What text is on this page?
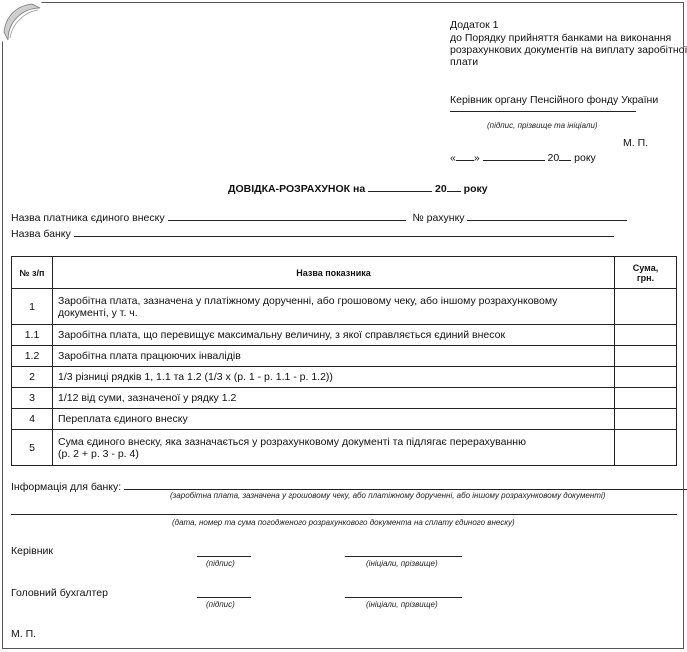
Додаток 1
до Порядку прийняття банками на виконання
розрахункових документів на виплату заробітної
плати
Керівник органу Пенсійного фонду України
(підпис, прізвище та ініціали)
М. П.
« »	20 року
ДОВІДКА-РОЗРАХУНОК на	20 року
Назва платника єдиного внеску	№ рахунку
Назва банку
№ з/п	Назва показника	Сума,
грн.
1	Заробітна плата, зазначена у платіжному дорученні, або грошовому чеку, або іншому розрахунковому
документі, у т. ч.	
1.1	Заробітна плата, що перевищує максимальну величину, з якої справляється єдиний внесок	
1.2	Заробітна плата працюючих інвалідів	
2	1/3 різниці рядків 1, 1.1 та 1.2 (1/3 х (р. 1 - р. 1.1 - р. 1.2))	
3	1/12 від суми, зазначеної у рядку 1.2	
4	Переплата єдиного внеску	
5	Сума єдиного внеску, яка зазначається у розрахунковому документі та підлягає перерахуванню
(р. 2 + р. 3 - р. 4)	
Інформація для банку:
(заробітна плата, зазначена у грошовому чеку, або платіжному дорученні, або іншому розрахунковому документі)
(дата, номер та сума погодженого розрахункового документа на сплату єдиного внеску)
Керівник
(підпис)	(ініціали, прізвище)
Головний бухгалтер
(підпис)	(ініціали, прізвище)
М. П.
